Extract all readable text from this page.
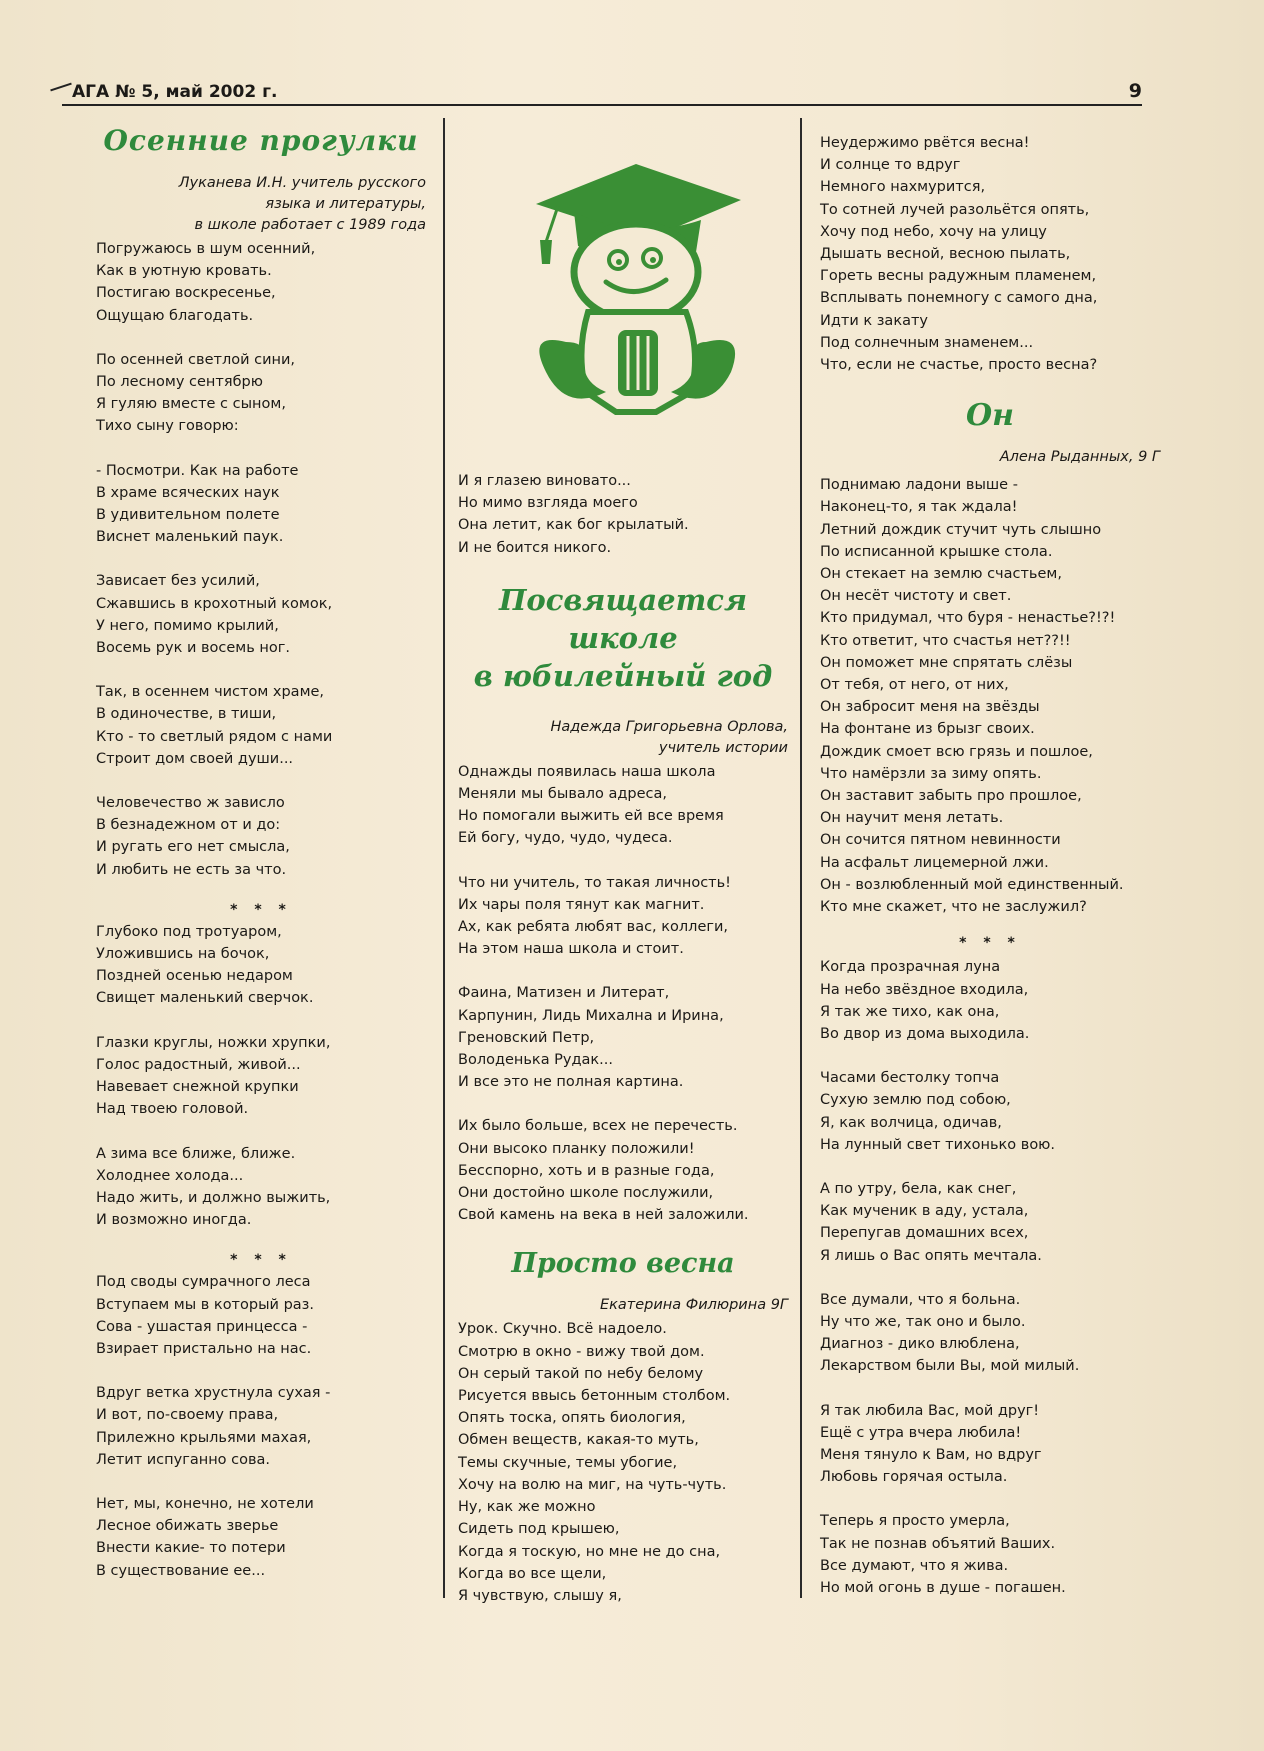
АГА № 5, май 2002 г.	9
Осенние прогулки

Луканева И.Н. учитель русского

языка и литературы,

в школе работает с 1989 года

Погружаюсь в шум осенний,
Как в уютную кровать.
Постигаю воскресенье,
Ощущаю благодать.
По осенней светлой сини,
По лесному сентябрю
Я гуляю вместе с сыном,
Тихо сыну говорю:
- Посмотри. Как на работе
В храме всяческих наук
В удивительном полете
Виснет маленький паук.
Зависает без усилий,
Сжавшись в крохотный комок,
У него, помимо крылий,
Восемь рук и восемь ног.
Так, в осеннем чистом храме,
В одиночестве, в тиши,
Кто - то светлый рядом с нами
Строит дом своей души...
Человечество ж зависло
В безнадежном от и до:
И ругать его нет смысла,
И любить не есть за что.
* * *
Глубоко под тротуаром,
Уложившись на бочок,
Поздней осенью недаром
Свищет маленький сверчок.
Глазки круглы, ножки хрупки,
Голос радостный, живой...
Навевает снежной крупки
Над твоею головой.
А зима все ближе, ближе.
Холоднее холода...
Надо жить, и должно выжить,
И возможно иногда.
* * *
Под своды сумрачного леса
Вступаем мы в который раз.
Сова - ушастая принцесса -
Взирает пристально на нас.
Вдруг ветка хрустнула сухая -
И вот, по-своему права,
Прилежно крыльями махая,
Летит испуганно сова.
Нет, мы, конечно, не хотели
Лесное обижать зверье
Внести какие- то потери
В существование ее...
И я глазею виновато...
Но мимо взгляда моего
Она летит, как бог крылатый.
И не боится никого.
Посвящается школе
в юбилейный год

Надежда Григорьевна Орлова,

учитель истории

Однажды появилась наша школа
Меняли мы бывало адреса,
Но помогали выжить ей все время
Ей богу, чудо, чудо, чудеса.
Что ни учитель, то такая личность!
Их чары поля тянут как магнит.
Ах, как ребята любят вас, коллеги,
На этом наша школа и стоит.
Фаина, Матизен и Литерат,
Карпунин, Лидь Михална и Ирина,
Греновский Петр,
Володенька Рудак...
И все это не полная картина.
Их было больше, всех не перечесть.
Они высоко планку положили!
Бесспорно, хоть и в разные года,
Они достойно школе послужили,
Свой камень на века в ней заложили.
Просто весна

Екатерина Филюрина 9Г

Урок. Скучно. Всё надоело.
Смотрю в окно - вижу твой дом.
Он серый такой по небу белому
Рисуется ввысь бетонным столбом.
Опять тоска, опять биология,
Обмен веществ, какая-то муть,
Темы скучные, темы убогие,
Хочу на волю на миг, на чуть-чуть.
Ну, как же можно
Сидеть под крышею,
Когда я тоскую, но мне не до сна,
Когда во все щели,
Я чувствую, слышу я,
Неудержимо рвётся весна!
И солнце то вдруг
Немного нахмурится,
То сотней лучей разольётся опять,
Хочу под небо, хочу на улицу
Дышать весной, весною пылать,
Гореть весны радужным пламенем,
Всплывать понемногу с самого дна,
Идти к закату
Под солнечным знаменем...
Что, если не счастье, просто весна?
Он

Алена Рыданных, 9 Г

Поднимаю ладони выше -
Наконец-то, я так ждала!
Летний дождик стучит чуть слышно
По исписанной крышке стола.
Он стекает на землю счастьем,
Он несёт чистоту и свет.
Кто придумал, что буря - ненастье?!?!
Кто ответит, что счастья нет??!!
Он поможет мне спрятать слёзы
От тебя, от него, от них,
Он забросит меня на звёзды
На фонтане из брызг своих.
Дождик смоет всю грязь и пошлое,
Что намёрзли за зиму опять.
Он заставит забыть про прошлое,
Он научит меня летать.
Он сочится пятном невинности
На асфальт лицемерной лжи.
Он - возлюбленный мой единственный.
Кто мне скажет, что не заслужил?
* * *
Когда прозрачная луна
На небо звёздное входила,
Я так же тихо, как она,
Во двор из дома выходила.
Часами бестолку топча
Сухую землю под собою,
Я, как волчица, одичав,
На лунный свет тихонько вою.
А по утру, бела, как снег,
Как мученик в аду, устала,
Перепугав домашних всех,
Я лишь о Вас опять мечтала.
Все думали, что я больна.
Ну что же, так оно и было.
Диагноз - дико влюблена,
Лекарством были Вы, мой милый.
Я так любила Вас, мой друг!
Ещё с утра вчера любила!
Меня тянуло к Вам, но вдруг
Любовь горячая остыла.
Теперь я просто умерла,
Так не познав объятий Ваших.
Все думают, что я жива.
Но мой огонь в душе - погашен.
